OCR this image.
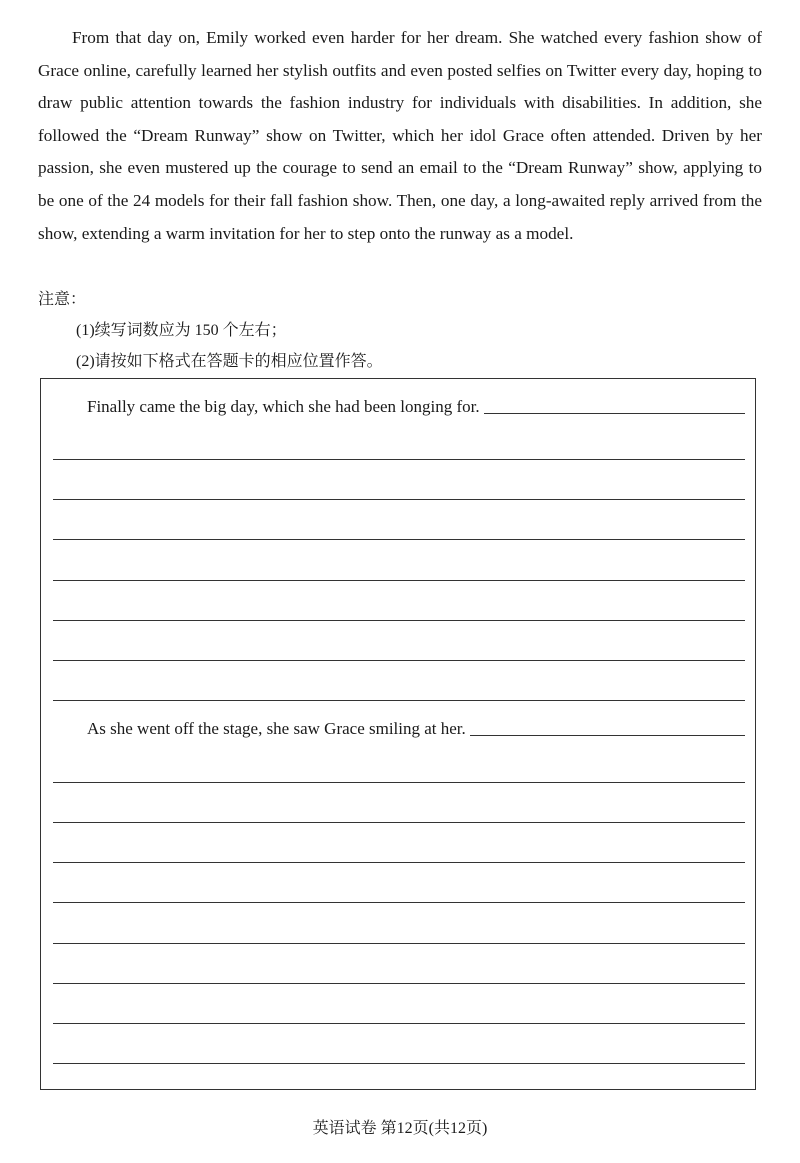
From that day on, Emily worked even harder for her dream. She watched every fashion show of Grace online, carefully learned her stylish outfits and even posted selfies on Twitter every day, hoping to draw public attention towards the fashion industry for individuals with disabilities. In addition, she followed the “Dream Runway” show on Twitter, which her idol Grace often attended. Driven by her passion, she even mustered up the courage to send an email to the “Dream Runway” show, applying to be one of the 24 models for their fall fashion show. Then, one day, a long-awaited reply arrived from the show, extending a warm invitation for her to step onto the runway as a model.

注意：
(1)续写词数应为 150 个左右；
(2)请按如下格式在答题卡的相应位置作答。
Finally came the big day, which she had been longing for.
As she went off the stage, she saw Grace smiling at her.
英语试卷 第12页(共12页)
